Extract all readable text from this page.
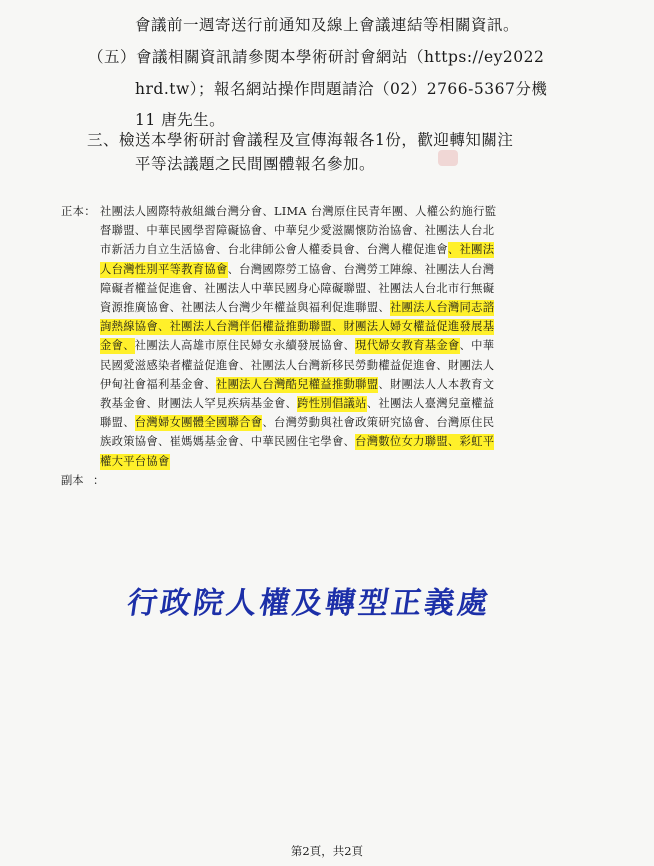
會議前一週寄送行前通知及線上會議連結等相關資訊。
（五）會議相關資訊請參閱本學術研討會網站（https://ey2022
hrd.tw）；報名網站操作問題請洽（02）2766-5367分機
11 唐先生。
三、檢送本學術研討會議程及宣傳海報各1份，歡迎轉知關注
平等法議題之民間團體報名參加。
正本： 社團法人國際特赦組織台灣分會、LIMA 台灣原住民青年團、人權公約施行監
督聯盟、中華民國學習障礙協會、中華兒少愛滋關懷防治協會、社團法人台北
市新活力自立生活協會、台北律師公會人權委員會、台灣人權促進會、社團法
人台灣性別平等教育協會、台灣國際勞工協會、台灣勞工陣線、社團法人台灣
障礙者權益促進會、社團法人中華民國身心障礙聯盟、社團法人台北市行無礙
資源推廣協會、社團法人台灣少年權益與福利促進聯盟、社團法人台灣同志諮
詢熱線協會、社團法人台灣伴侶權益推動聯盟、財團法人婦女權益促進發展基
金會、社團法人高雄市原住民婦女永續發展協會、現代婦女教育基金會、中華
民國愛滋感染者權益促進會、社團法人台灣新移民勞動權益促進會、財團法人
伊甸社會福利基金會、社團法人台灣酷兒權益推動聯盟、財團法人人本教育文
教基金會、財團法人罕見疾病基金會、跨性別倡議站、社團法人臺灣兒童權益
聯盟、台灣婦女團體全國聯合會、台灣勞動與社會政策研究協會、台灣原住民
族政策協會、崔媽媽基金會、中華民國住宅學會、台灣數位女力聯盟、彩虹平
權大平台協會
副本 ：
行政院人權及轉型正義處
第2頁，共2頁
